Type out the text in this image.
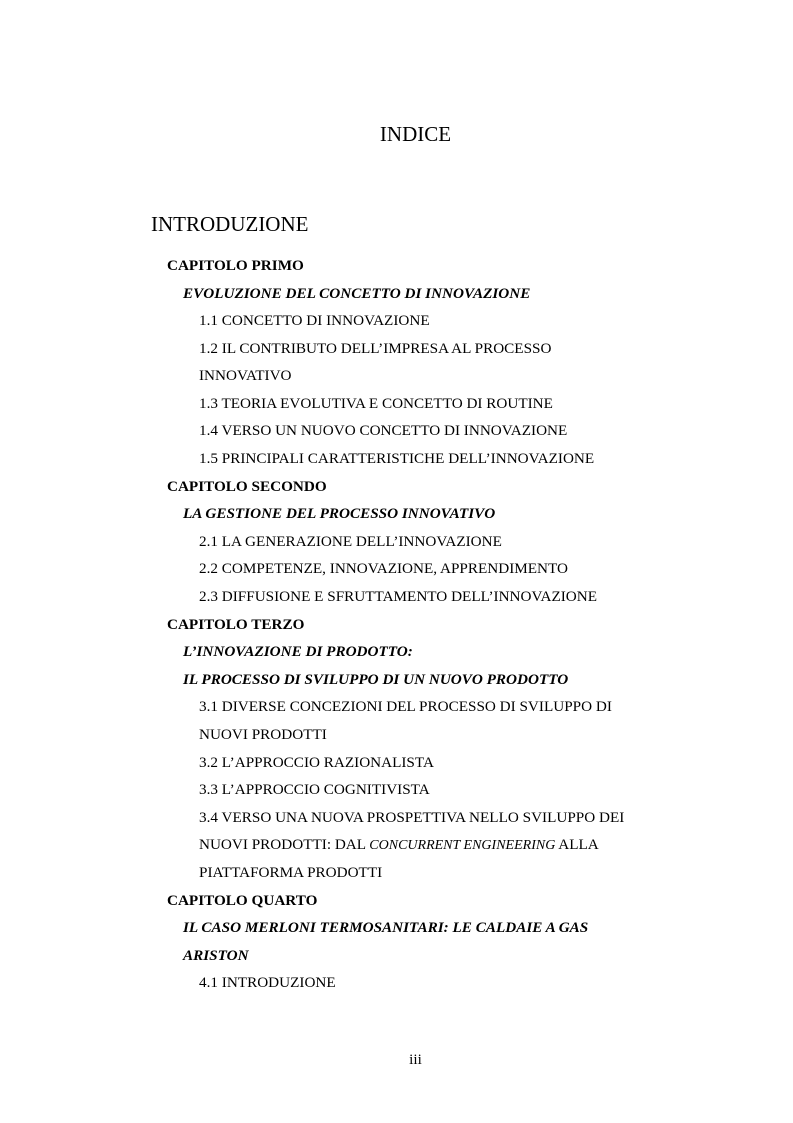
INDICE
INTRODUZIONE
CAPITOLO PRIMO
EVOLUZIONE DEL CONCETTO DI INNOVAZIONE
1.1 CONCETTO DI INNOVAZIONE
1.2 IL CONTRIBUTO DELL’IMPRESA AL PROCESSO
INNOVATIVO
1.3 TEORIA EVOLUTIVA E CONCETTO DI ROUTINE
1.4 VERSO UN NUOVO CONCETTO DI INNOVAZIONE
1.5 PRINCIPALI CARATTERISTICHE DELL’INNOVAZIONE
CAPITOLO SECONDO
LA GESTIONE DEL PROCESSO INNOVATIVO
2.1 LA GENERAZIONE DELL’INNOVAZIONE
2.2 COMPETENZE, INNOVAZIONE, APPRENDIMENTO
2.3 DIFFUSIONE E SFRUTTAMENTO DELL’INNOVAZIONE
CAPITOLO TERZO
L’INNOVAZIONE DI PRODOTTO:
IL PROCESSO DI SVILUPPO DI UN NUOVO PRODOTTO
3.1 DIVERSE CONCEZIONI DEL PROCESSO DI SVILUPPO DI
NUOVI PRODOTTI
3.2 L’APPROCCIO RAZIONALISTA
3.3 L’APPROCCIO COGNITIVISTA
3.4 VERSO UNA NUOVA PROSPETTIVA NELLO SVILUPPO DEI
NUOVI PRODOTTI: DAL CONCURRENT ENGINEERING ALLA
PIATTAFORMA PRODOTTI
CAPITOLO QUARTO
IL CASO MERLONI TERMOSANITARI: LE CALDAIE A GAS
ARISTON
4.1 INTRODUZIONE
iii
